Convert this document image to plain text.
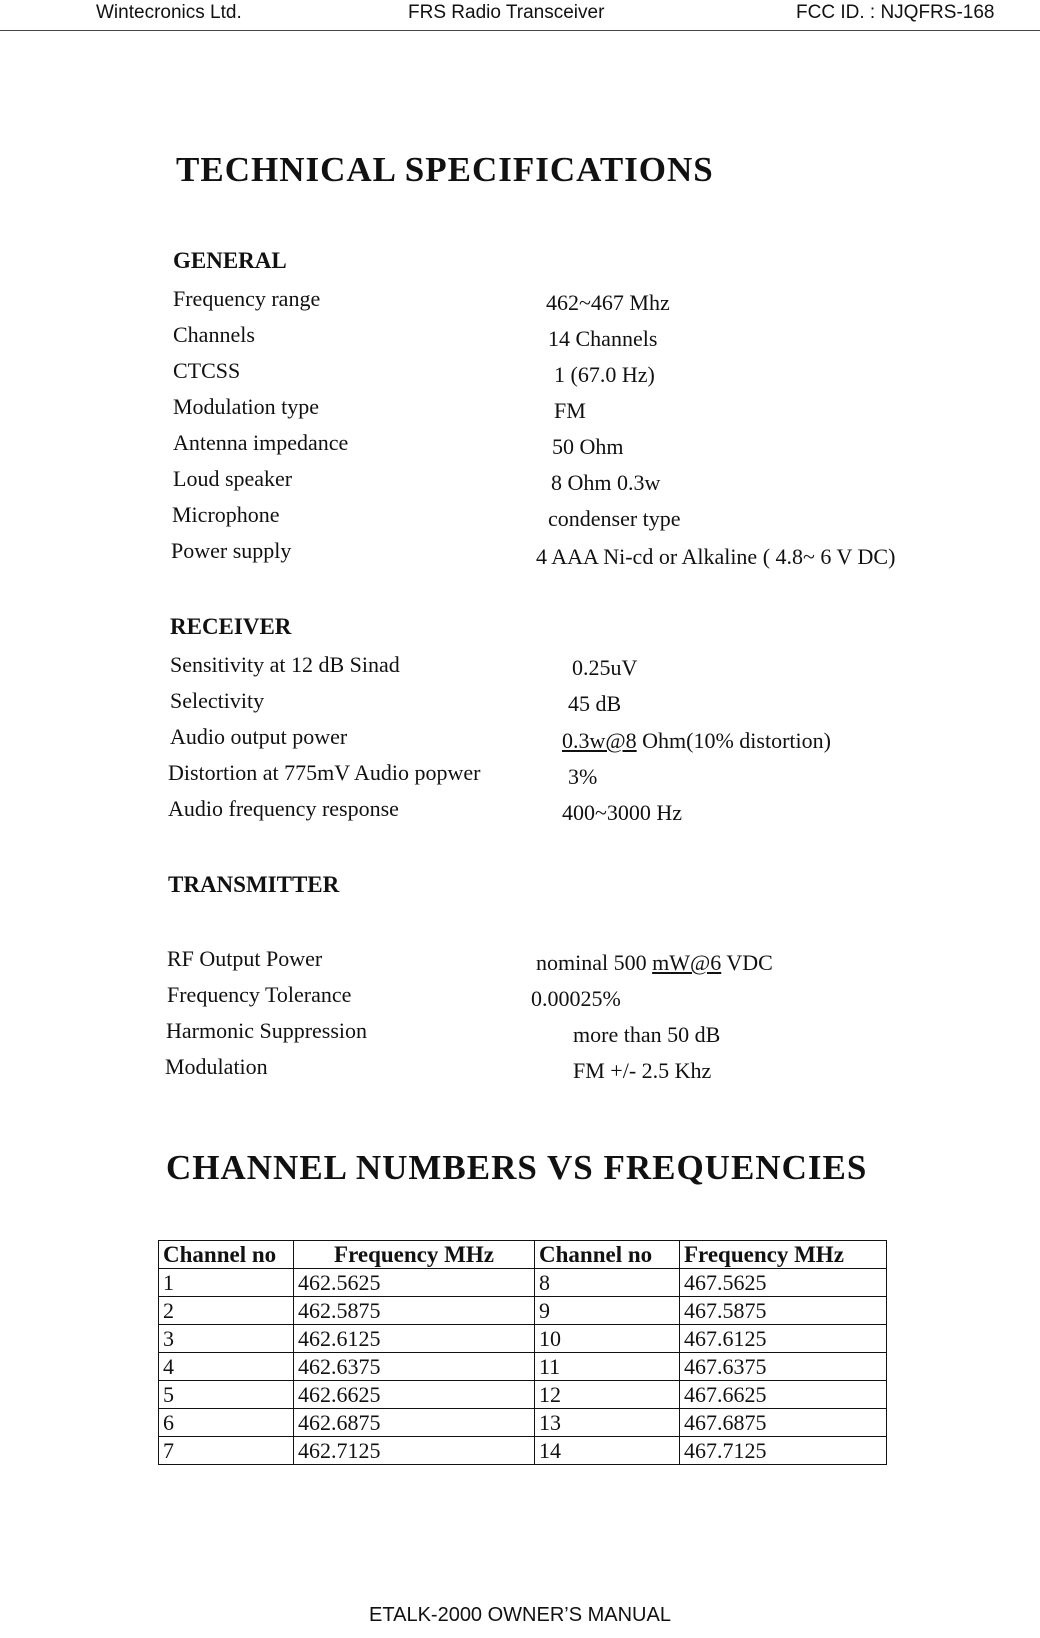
Wintecronics Ltd.	FRS Radio Transceiver	FCC ID. : NJQFRS-168
TECHNICAL SPECIFICATIONS
GENERAL
Frequency range	462~467 Mhz
Channels	14 Channels
CTCSS	1 (67.0 Hz)
Modulation type	FM
Antenna impedance	50 Ohm
Loud speaker	8 Ohm 0.3w
Microphone	condenser type
Power supply	4 AAA Ni-cd or Alkaline ( 4.8~ 6 V DC)
RECEIVER
Sensitivity at 12 dB Sinad	0.25uV
Selectivity	45 dB
Audio output power	0.3w@8 Ohm(10% distortion)
Distortion at 775mV Audio popwer	3%
Audio frequency response	400~3000 Hz
TRANSMITTER
RF Output Power	nominal 500 mW@6 VDC
Frequency Tolerance	0.00025%
Harmonic Suppression	more than 50 dB
Modulation	FM +/- 2.5 Khz
CHANNEL NUMBERS VS FREQUENCIES
Channel no	Frequency MHz	Channel no	Frequency MHz
1	462.5625	8	467.5625
2	462.5875	9	467.5875
3	462.6125	10	467.6125
4	462.6375	11	467.6375
5	462.6625	12	467.6625
6	462.6875	13	467.6875
7	462.7125	14	467.7125
ETALK-2000 OWNER’S MANUAL
